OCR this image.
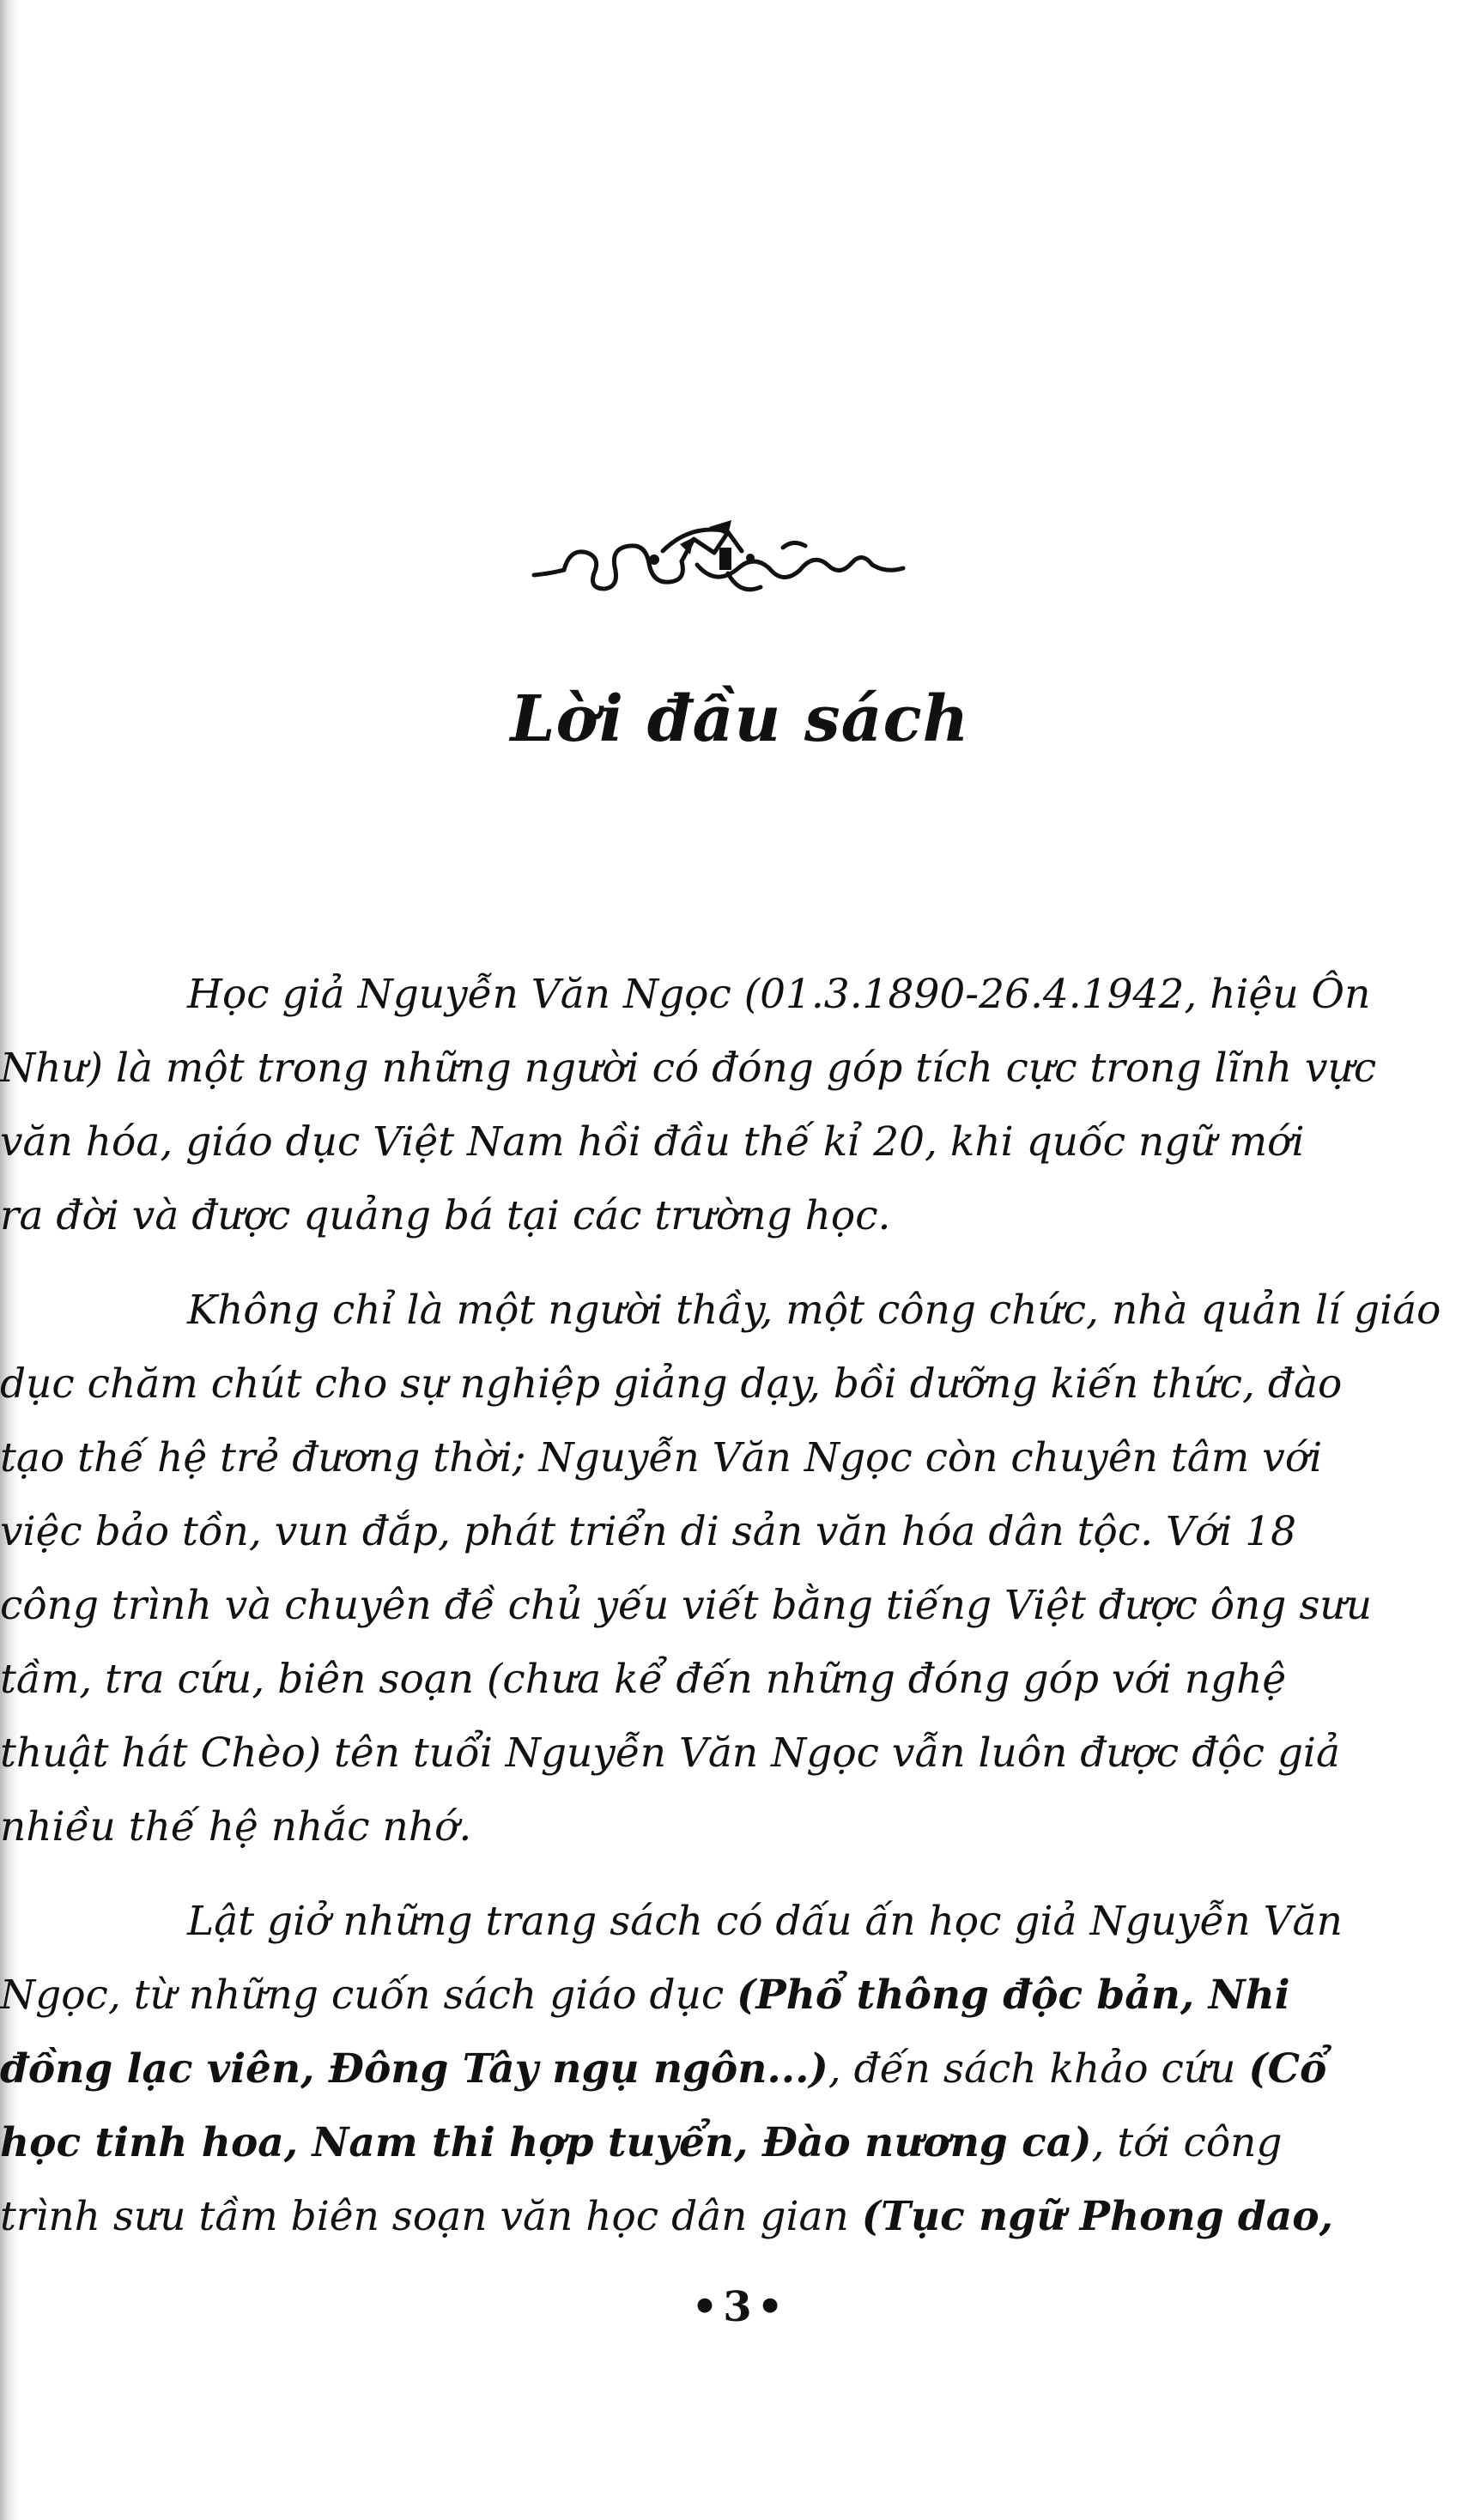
Lời đầu sách

Học giả Nguyễn Văn Ngọc (01.3.1890-26.4.1942, hiệu Ôn
Như) là một trong những người có đóng góp tích cực trong lĩnh vực
văn hóa, giáo dục Việt Nam hồi đầu thế kỉ 20, khi quốc ngữ mới
ra đời và được quảng bá tại các trường học.

Không chỉ là một người thầy, một công chức, nhà quản lí giáo
dục chăm chút cho sự nghiệp giảng dạy, bồi dưỡng kiến thức, đào
tạo thế hệ trẻ đương thời; Nguyễn Văn Ngọc còn chuyên tâm với
việc bảo tồn, vun đắp, phát triển di sản văn hóa dân tộc. Với 18
công trình và chuyên đề chủ yếu viết bằng tiếng Việt được ông sưu
tầm, tra cứu, biên soạn (chưa kể đến những đóng góp với nghệ
thuật hát Chèo) tên tuổi Nguyễn Văn Ngọc vẫn luôn được độc giả
nhiều thế hệ nhắc nhớ.

Lật giở những trang sách có dấu ấn học giả Nguyễn Văn
Ngọc, từ những cuốn sách giáo dục (Phổ thông độc bản, Nhi
đồng lạc viên, Đông Tây ngụ ngôn...), đến sách khảo cứu (Cổ
học tinh hoa, Nam thi hợp tuyển, Đào nương ca), tới công
trình sưu tầm biên soạn văn học dân gian (Tục ngữ Phong dao,

•3•
